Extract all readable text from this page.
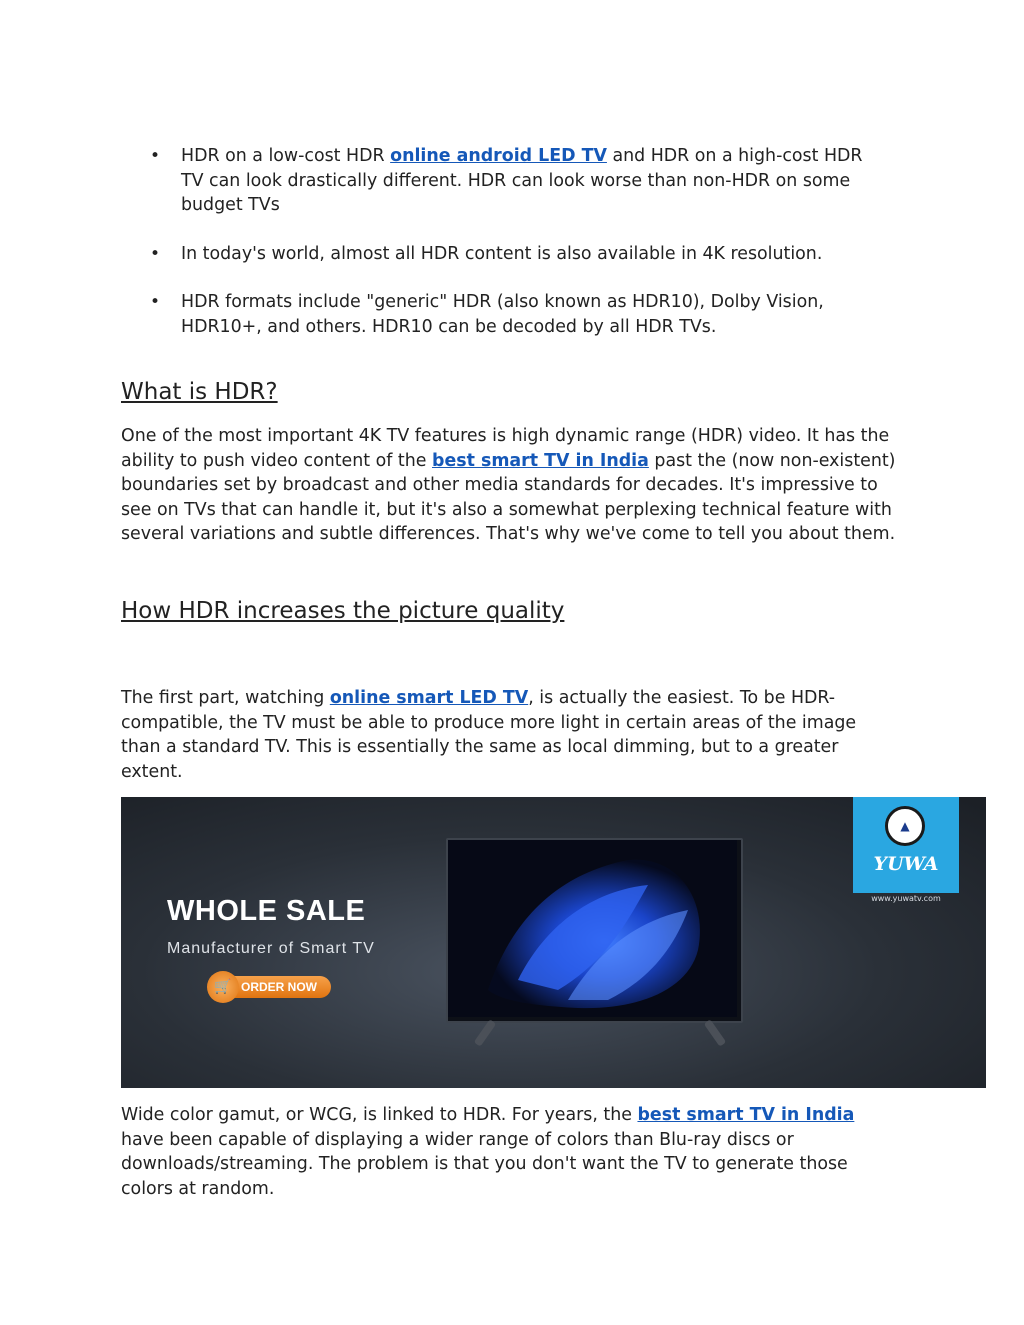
• HDR on a low-cost HDR online android LED TV and HDR on a high-cost HDR TV can look drastically different. HDR can look worse than non-HDR on some budget TVs
• In today's world, almost all HDR content is also available in 4K resolution.
• HDR formats include "generic" HDR (also known as HDR10), Dolby Vision, HDR10+, and others. HDR10 can be decoded by all HDR TVs.
What is HDR?

One of the most important 4K TV features is high dynamic range (HDR) video. It has the ability to push video content of the best smart TV in India past the (now non-existent) boundaries set by broadcast and other media standards for decades. It's impressive to see on TVs that can handle it, but it's also a somewhat perplexing technical feature with several variations and subtle differences. That's why we've come to tell you about them.

How HDR increases the picture quality

The first part, watching online smart LED TV, is actually the easiest. To be HDR-compatible, the TV must be able to produce more light in certain areas of the image than a standard TV. This is essentially the same as local dimming, but to a greater extent.

WHOLE SALE
Manufacturer of Smart TV
ORDER NOW
🛒
▲
YUWA
www.yuwatv.com

Wide color gamut, or WCG, is linked to HDR. For years, the best smart TV in India have been capable of displaying a wider range of colors than Blu-ray discs or downloads/streaming. The problem is that you don't want the TV to generate those colors at random.
